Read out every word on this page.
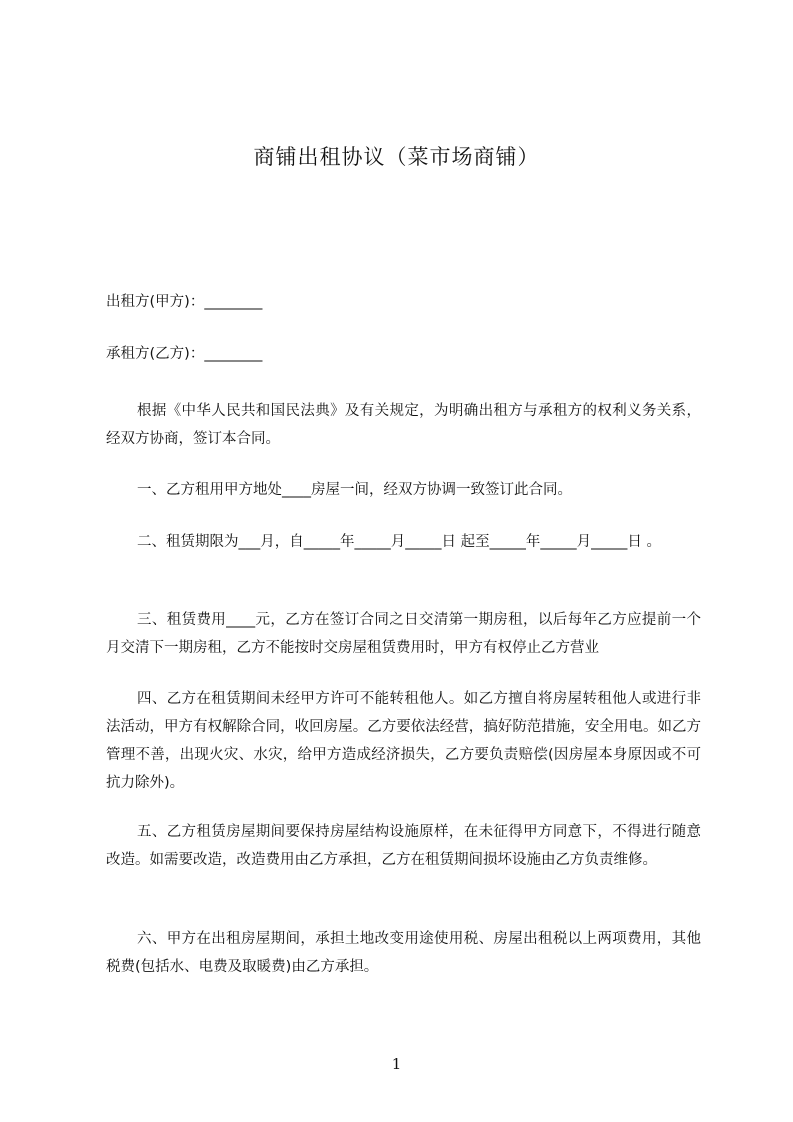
商铺出租协议（菜市场商铺）
出租方(甲方)：________
承租方(乙方)：________
根据《中华人民共和国民法典》及有关规定，为明确出租方与承租方的权利义务关系，经双方协商，签订本合同。
一、乙方租用甲方地处____房屋一间，经双方协调一致签订此合同。
二、租赁期限为___月，自_____年_____月_____日 起至_____年_____月_____日 。
三、租赁费用____元，乙方在签订合同之日交清第一期房租，以后每年乙方应提前一个月交清下一期房租，乙方不能按时交房屋租赁费用时，甲方有权停止乙方营业
四、乙方在租赁期间未经甲方许可不能转租他人。如乙方擅自将房屋转租他人或进行非法活动，甲方有权解除合同，收回房屋。乙方要依法经营，搞好防范措施，安全用电。如乙方管理不善，出现火灾、水灾，给甲方造成经济损失，乙方要负责赔偿(因房屋本身原因或不可抗力除外)。
五、乙方租赁房屋期间要保持房屋结构设施原样，在未征得甲方同意下，不得进行随意改造。如需要改造，改造费用由乙方承担，乙方在租赁期间损坏设施由乙方负责维修。
六、甲方在出租房屋期间，承担土地改变用途使用税、房屋出租税以上两项费用，其他税费(包括水、电费及取暖费)由乙方承担。
1
